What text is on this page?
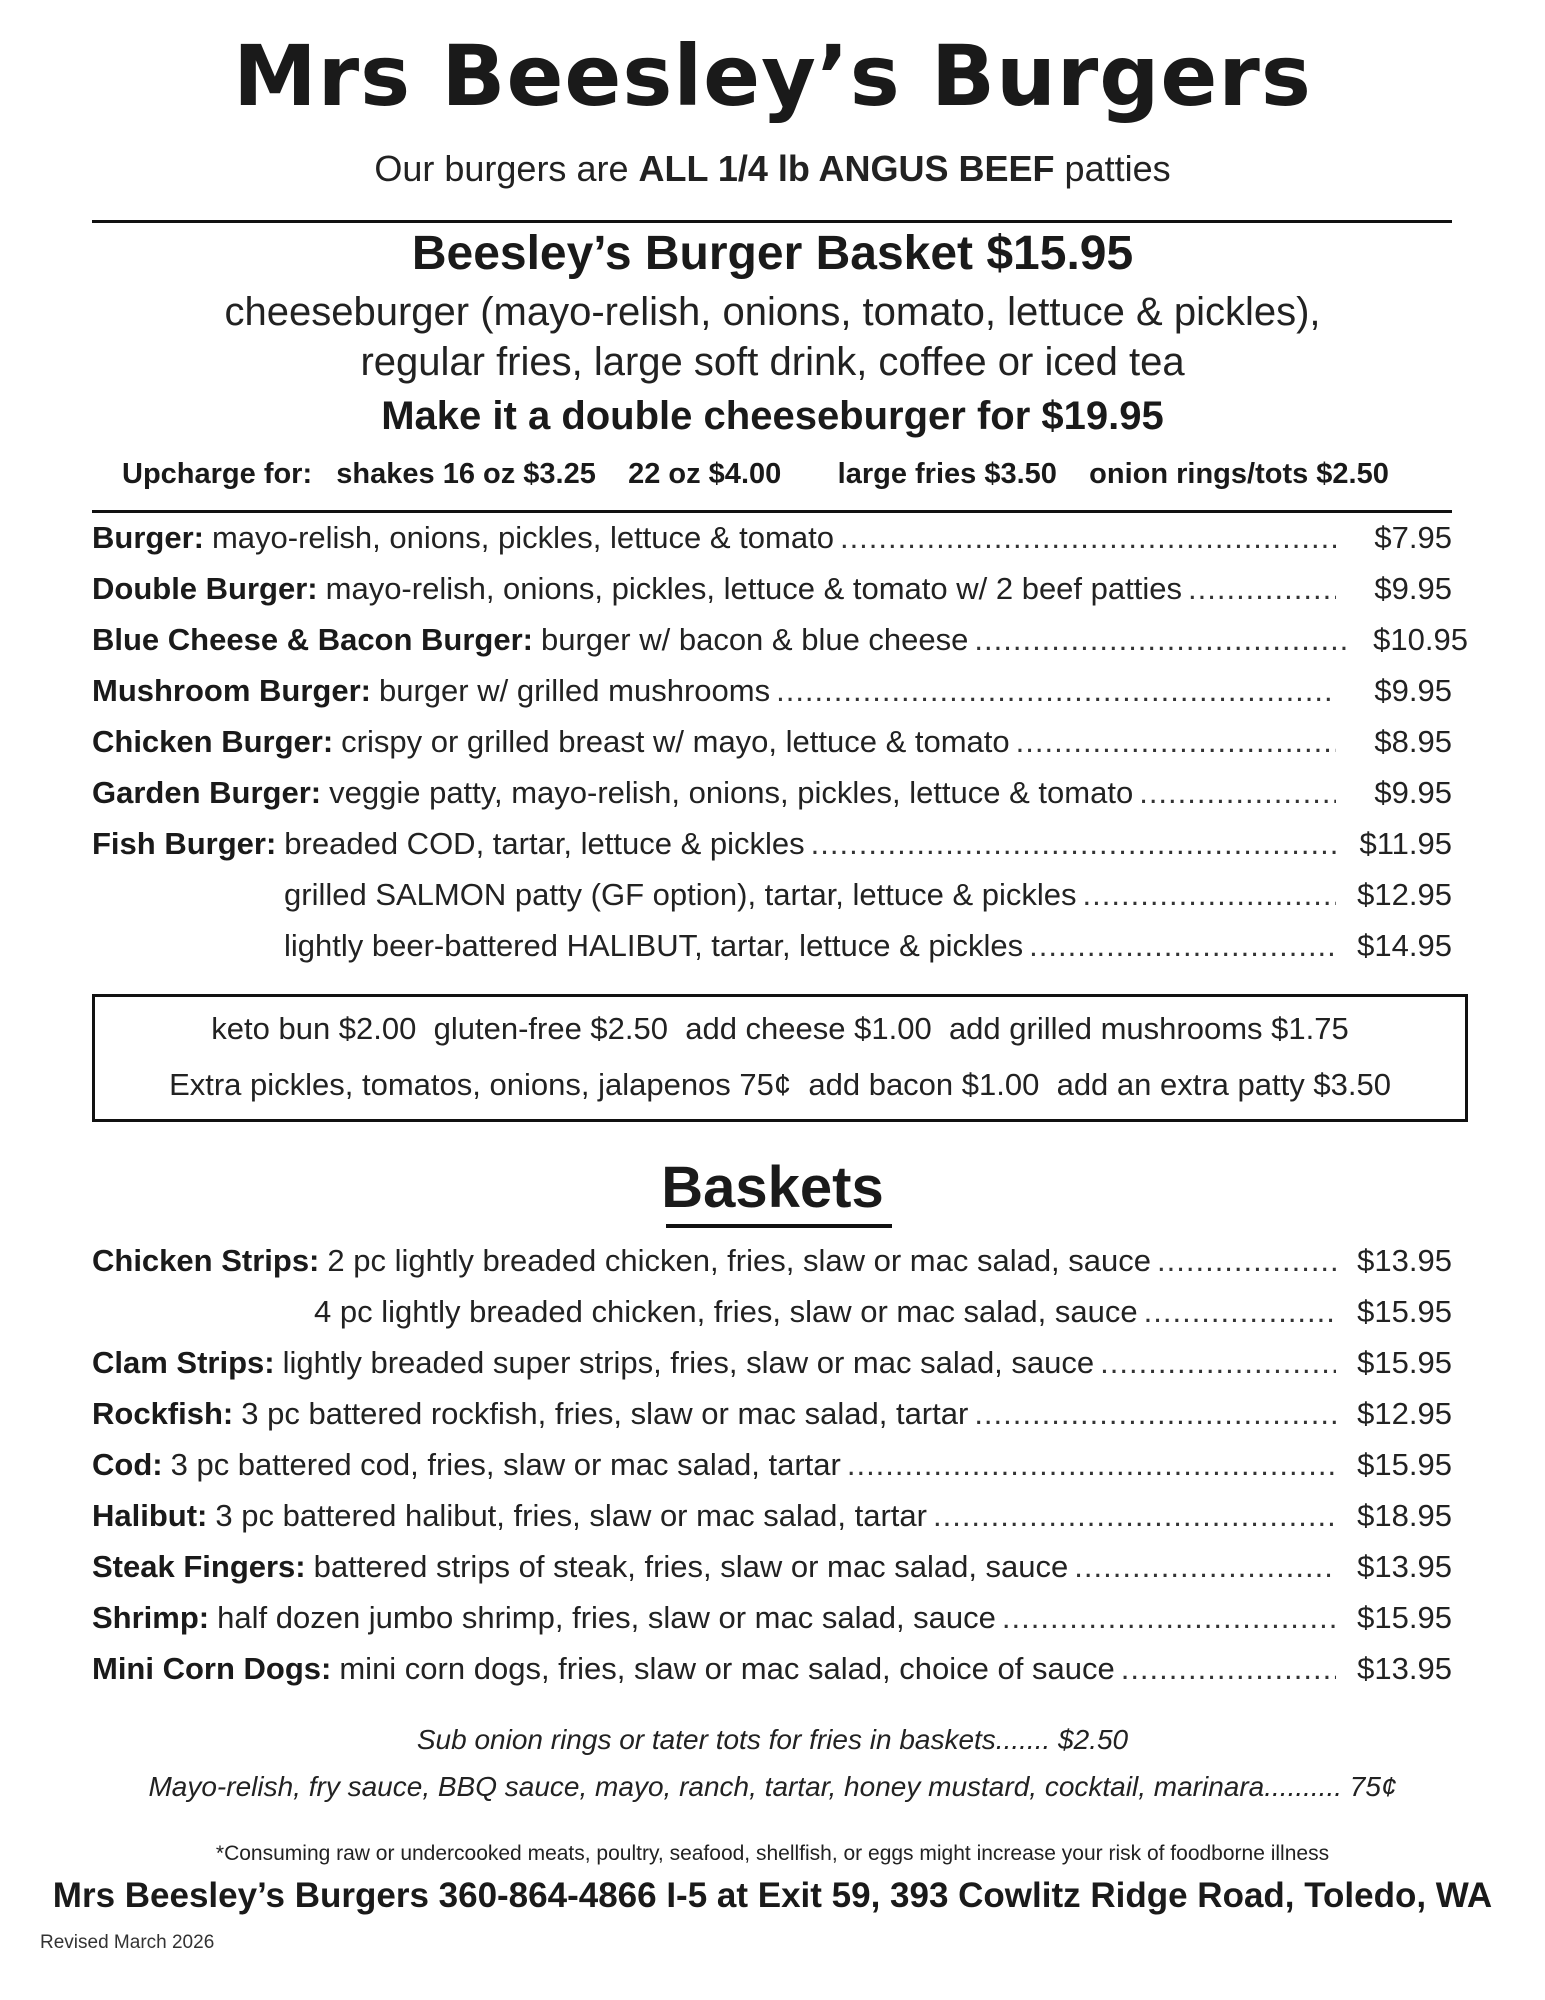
Mrs Beesley’s Burgers
Our burgers are ALL 1/4 lb ANGUS BEEF patties
Beesley’s Burger Basket $15.95
cheeseburger (mayo-relish, onions, tomato, lettuce & pickles),
regular fries, large soft drink, coffee or iced tea
Make it a double cheeseburger for $19.95
Upcharge for:   shakes 16 oz $3.25    22 oz $4.00       large fries $3.50    onion rings/tots $2.50
Burger: mayo-relish, onions, pickles, lettuce & tomato .....	$7.95
Double Burger: mayo-relish, onions, pickles, lettuce & tomato w/ 2 beef patties .....	$9.95
Blue Cheese & Bacon Burger: burger w/ bacon & blue cheese .....	$10.95
Mushroom Burger: burger w/ grilled mushrooms .....	$9.95
Chicken Burger: crispy or grilled breast w/ mayo, lettuce & tomato .....	$8.95
Garden Burger: veggie patty, mayo-relish, onions, pickles, lettuce & tomato .....	$9.95
Fish Burger: breaded COD, tartar, lettuce & pickles .....	$11.95
grilled SALMON patty (GF option), tartar, lettuce & pickles .....	$12.95
lightly beer-battered HALIBUT, tartar, lettuce & pickles .....	$14.95
keto bun $2.00  gluten-free $2.50  add cheese $1.00  add grilled mushrooms $1.75
Extra pickles, tomatos, onions, jalapenos 75¢  add bacon $1.00  add an extra patty $3.50
Baskets
Chicken Strips: 2 pc lightly breaded chicken, fries, slaw or mac salad, sauce .....	$13.95
4 pc lightly breaded chicken, fries, slaw or mac salad, sauce .....	$15.95
Clam Strips: lightly breaded super strips, fries, slaw or mac salad, sauce .....	$15.95
Rockfish: 3 pc battered rockfish, fries, slaw or mac salad, tartar .....	$12.95
Cod: 3 pc battered cod, fries, slaw or mac salad, tartar .....	$15.95
Halibut: 3 pc battered halibut, fries, slaw or mac salad, tartar .....	$18.95
Steak Fingers: battered strips of steak, fries, slaw or mac salad, sauce .....	$13.95
Shrimp: half dozen jumbo shrimp, fries, slaw or mac salad, sauce .....	$15.95
Mini Corn Dogs: mini corn dogs, fries, slaw or mac salad, choice of sauce .....	$13.95
Sub onion rings or tater tots for fries in baskets....... $2.50
Mayo-relish, fry sauce, BBQ sauce, mayo, ranch, tartar, honey mustard, cocktail, marinara.......... 75¢
*Consuming raw or undercooked meats, poultry, seafood, shellfish, or eggs might increase your risk of foodborne illness
Mrs Beesley’s Burgers 360-864-4866 I-5 at Exit 59, 393 Cowlitz Ridge Road, Toledo, WA
Revised March 2026
